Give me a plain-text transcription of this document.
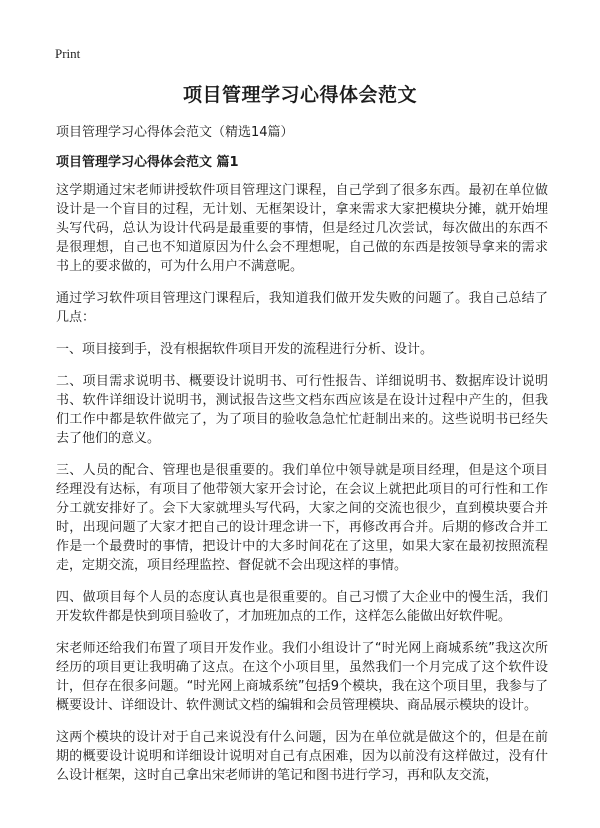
Print
项目管理学习心得体会范文
项目管理学习心得体会范文（精选14篇）
项目管理学习心得体会范文 篇1

这学期通过宋老师讲授软件项目管理这门课程，自己学到了很多东西。最初在单位做设计是一个盲目的过程，无计划、无框架设计，拿来需求大家把模块分摊，就开始埋头写代码，总认为设计代码是最重要的事情，但是经过几次尝试，每次做出的东西不是很理想，自己也不知道原因为什么会不理想呢，自己做的东西是按领导拿来的需求书上的要求做的，可为什么用户不满意呢。

通过学习软件项目管理这门课程后，我知道我们做开发失败的问题了。我自己总结了几点：

一、项目接到手，没有根据软件项目开发的流程进行分析、设计。

二、项目需求说明书、概要设计说明书、可行性报告、详细说明书、数据库设计说明书、软件详细设计说明书，测试报告这些文档东西应该是在设计过程中产生的，但我们工作中都是软件做完了，为了项目的验收急急忙忙赶制出来的。这些说明书已经失去了他们的意义。

三、人员的配合、管理也是很重要的。我们单位中领导就是项目经理，但是这个项目经理没有达标，有项目了他带领大家开会讨论，在会议上就把此项目的可行性和工作分工就安排好了。会下大家就埋头写代码，大家之间的交流也很少，直到模块要合并时，出现问题了大家才把自己的设计理念讲一下，再修改再合并。后期的修改合并工作是一个最费时的事情，把设计中的大多时间花在了这里，如果大家在最初按照流程走，定期交流，项目经理监控、督促就不会出现这样的事情。

四、做项目每个人员的态度认真也是很重要的。自己习惯了大企业中的慢生活，我们开发软件都是快到项目验收了，才加班加点的工作，这样怎么能做出好软件呢。

宋老师还给我们布置了项目开发作业。我们小组设计了“时光网上商城系统”我这次所经历的项目更让我明确了这点。在这个小项目里，虽然我们一个月完成了这个软件设计，但存在很多问题。“时光网上商城系统”包括9个模块，我在这个项目里，我参与了概要设计、详细设计、软件测试文档的编辑和会员管理模块、商品展示模块的设计。

这两个模块的设计对于自己来说没有什么问题，因为在单位就是做这个的，但是在前期的概要设计说明和详细设计说明对自己有点困难，因为以前没有这样做过，没有什么设计框架，这时自己拿出宋老师讲的笔记和图书进行学习，再和队友交流，
